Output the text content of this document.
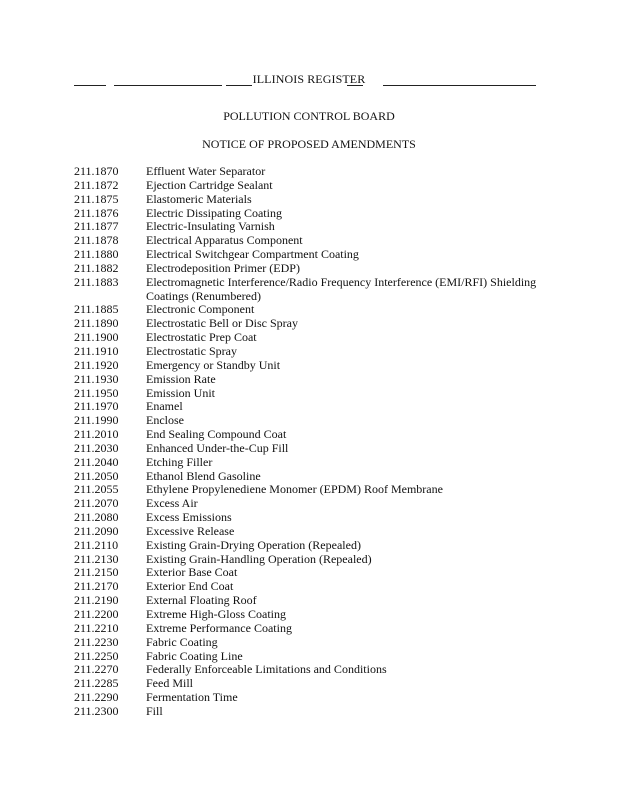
ILLINOIS REGISTER
POLLUTION CONTROL BOARD
NOTICE OF PROPOSED AMENDMENTS
211.1870	Effluent Water Separator
211.1872	Ejection Cartridge Sealant
211.1875	Elastomeric Materials
211.1876	Electric Dissipating Coating
211.1877	Electric-Insulating Varnish
211.1878	Electrical Apparatus Component
211.1880	Electrical Switchgear Compartment Coating
211.1882	Electrodeposition Primer (EDP)
211.1883	Electromagnetic Interference/Radio Frequency Interference (EMI/RFI) Shielding Coatings (Renumbered)
211.1885	Electronic Component
211.1890	Electrostatic Bell or Disc Spray
211.1900	Electrostatic Prep Coat
211.1910	Electrostatic Spray
211.1920	Emergency or Standby Unit
211.1930	Emission Rate
211.1950	Emission Unit
211.1970	Enamel
211.1990	Enclose
211.2010	End Sealing Compound Coat
211.2030	Enhanced Under-the-Cup Fill
211.2040	Etching Filler
211.2050	Ethanol Blend Gasoline
211.2055	Ethylene Propylenediene Monomer (EPDM) Roof Membrane
211.2070	Excess Air
211.2080	Excess Emissions
211.2090	Excessive Release
211.2110	Existing Grain-Drying Operation (Repealed)
211.2130	Existing Grain-Handling Operation (Repealed)
211.2150	Exterior Base Coat
211.2170	Exterior End Coat
211.2190	External Floating Roof
211.2200	Extreme High-Gloss Coating
211.2210	Extreme Performance Coating
211.2230	Fabric Coating
211.2250	Fabric Coating Line
211.2270	Federally Enforceable Limitations and Conditions
211.2285	Feed Mill
211.2290	Fermentation Time
211.2300	Fill
